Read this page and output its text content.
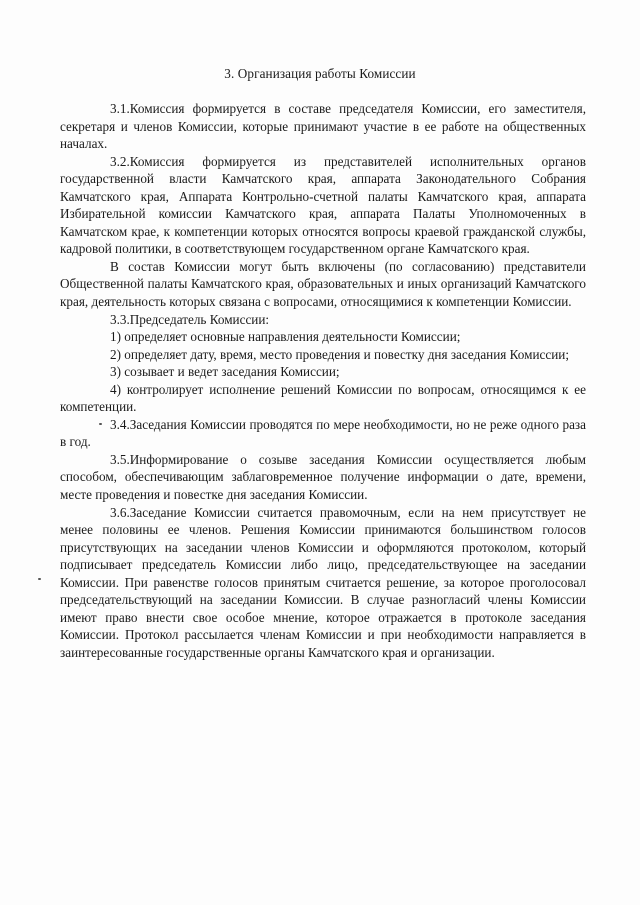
3. Организация работы Комиссии

3.1.Комиссия формируется в составе председателя Комиссии, его заместителя, секретаря и членов Комиссии, которые принимают участие в ее работе на общественных началах.

3.2.Комиссия формируется из представителей исполнительных органов государственной власти Камчатского края, аппарата Законодательного Собрания Камчатского края, Аппарата Контрольно-счетной палаты Камчатского края, аппарата Избирательной комиссии Камчатского края, аппарата Палаты Уполномоченных в Камчатском крае, к компетенции которых относятся вопросы краевой гражданской службы, кадровой политики, в соответствующем государственном органе Камчатского края.

В состав Комиссии могут быть включены (по согласованию) представители Общественной палаты Камчатского края, образовательных и иных организаций Камчатского края, деятельность которых связана с вопросами, относящимися к компетенции Комиссии.

3.3.Председатель Комиссии:

1) определяет основные направления деятельности Комиссии;

2) определяет дату, время, место проведения и повестку дня заседания Комиссии;

3) созывает и ведет заседания Комиссии;

4) контролирует исполнение решений Комиссии по вопросам, относящимся к ее компетенции.

3.4.Заседания Комиссии проводятся по мере необходимости, но не реже одного раза в год.

3.5.Информирование о созыве заседания Комиссии осуществляется любым способом, обеспечивающим заблаговременное получение информации о дате, времени, месте проведения и повестке дня заседания Комиссии.

3.6.Заседание Комиссии считается правомочным, если на нем присутствует не менее половины ее членов. Решения Комиссии принимаются большинством голосов присутствующих на заседании членов Комиссии и оформляются протоколом, который подписывает председатель Комиссии либо лицо, председательствующее на заседании Комиссии. При равенстве голосов принятым считается решение, за которое проголосовал председательствующий на заседании Комиссии. В случае разногласий члены Комиссии имеют право внести свое особое мнение, которое отражается в протоколе заседания Комиссии. Протокол рассылается членам Комиссии и при необходимости направляется в заинтересованные государственные органы Камчатского края и организации.
